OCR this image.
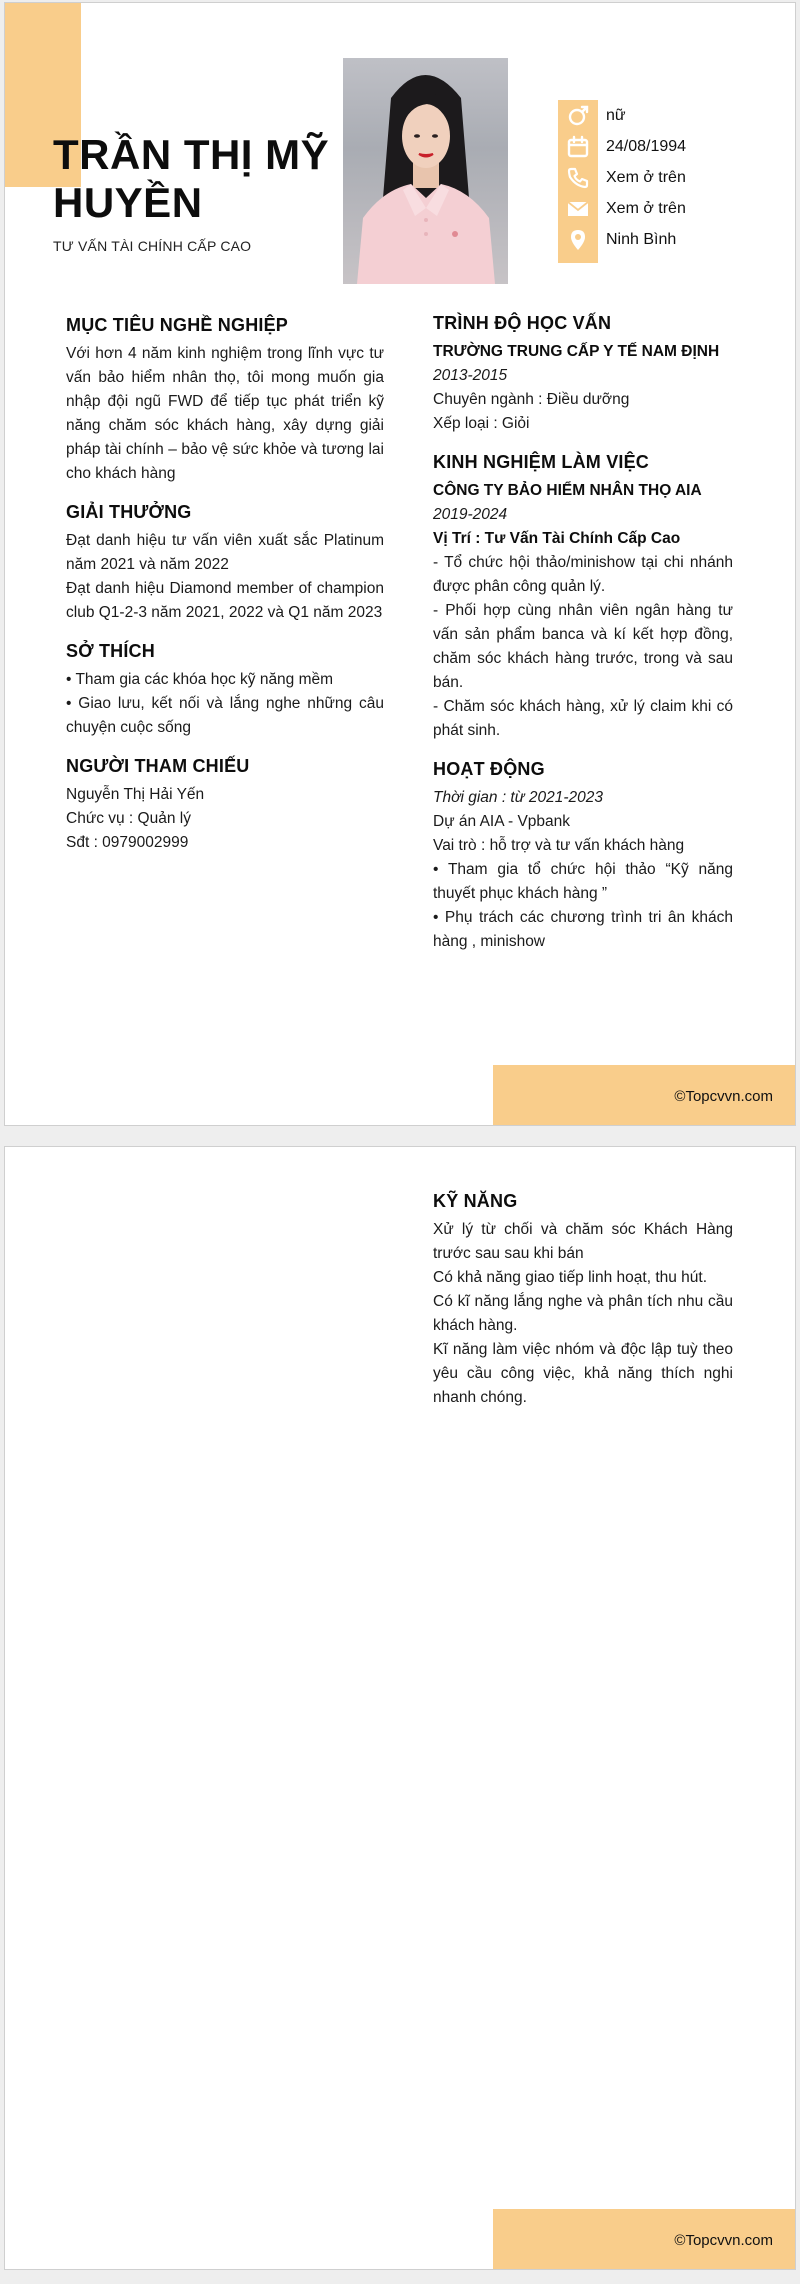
TRẦN THỊ MỸ HUYỀN
TƯ VẤN TÀI CHÍNH CẤP CAO
nữ
24/08/1994
Xem ở trên
Xem ở trên
Ninh Bình
MỤC TIÊU NGHỀ NGHIỆP
Với hơn 4 năm kinh nghiệm trong lĩnh vực tư vấn bảo hiểm nhân thọ, tôi mong muốn gia nhập đội ngũ FWD để tiếp tục phát triển kỹ năng chăm sóc khách hàng, xây dựng giải pháp tài chính – bảo vệ sức khỏe và tương lai cho khách hàng
GIẢI THƯỞNG
Đạt danh hiệu tư vấn viên xuất sắc Platinum năm 2021 và năm 2022
Đạt danh hiệu Diamond member of champion club Q1-2-3 năm 2021, 2022 và Q1 năm 2023
SỞ THÍCH
• Tham gia các khóa học kỹ năng mềm
• Giao lưu, kết nối và lắng nghe những câu chuyện cuộc sống
NGƯỜI THAM CHIẾU
Nguyễn Thị Hải Yến
Chức vụ : Quản lý
Sđt : 0979002999
TRÌNH ĐỘ HỌC VẤN
TRƯỜNG TRUNG CẤP Y TẾ NAM ĐỊNH
2013-2015
Chuyên ngành : Điều dưỡng
Xếp loại : Giỏi
KINH NGHIỆM LÀM VIỆC
CÔNG TY BẢO HIỂM NHÂN THỌ AIA
2019-2024
Vị Trí : Tư Vấn Tài Chính Cấp Cao
- Tổ chức hội thảo/minishow tại chi nhánh được phân công quản lý.
- Phối hợp cùng nhân viên ngân hàng tư vấn sản phẩm banca và kí kết hợp đồng, chăm sóc khách hàng trước, trong và sau bán.
- Chăm sóc khách hàng, xử lý claim khi có phát sinh.
HOẠT ĐỘNG
Thời gian : từ 2021-2023
Dự án AIA - Vpbank
Vai trò : hỗ trợ và tư vấn khách hàng
• Tham gia tổ chức hội thảo “Kỹ năng thuyết phục khách hàng ”
• Phụ trách các chương trình tri ân khách hàng , minishow
©Topcvvn.com
KỸ NĂNG
Xử lý từ chối và chăm sóc Khách Hàng trước sau sau khi bán
Có khả năng giao tiếp linh hoạt, thu hút.
Có kĩ năng lắng nghe và phân tích nhu cầu khách hàng.
Kĩ năng làm việc nhóm và độc lập tuỳ theo yêu cầu công việc, khả năng thích nghi nhanh chóng.
©Topcvvn.com
